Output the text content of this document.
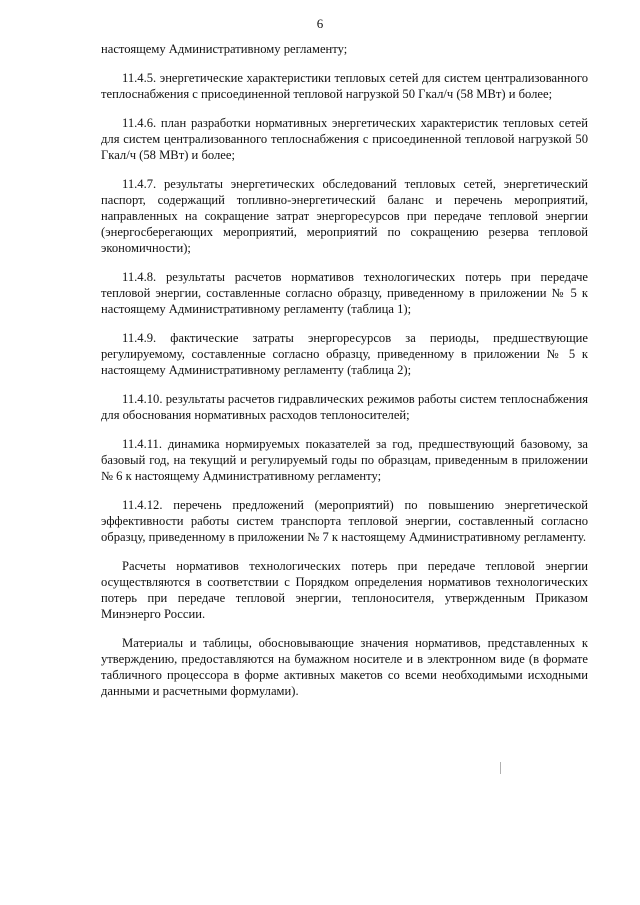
6

настоящему Административному регламенту;

11.4.5. энергетические характеристики тепловых сетей для систем централизованного теплоснабжения с присоединенной тепловой нагрузкой 50 Гкал/ч (58 МВт) и более;

11.4.6. план разработки нормативных энергетических характеристик тепловых сетей для систем централизованного теплоснабжения с присоединенной тепловой нагрузкой 50 Гкал/ч (58 МВт) и более;

11.4.7. результаты энергетических обследований тепловых сетей, энергетический паспорт, содержащий топливно-энергетический баланс и перечень мероприятий, направленных на сокращение затрат энергоресурсов при передаче тепловой энергии (энергосберегающих мероприятий, мероприятий по сокращению резерва тепловой экономичности);

11.4.8. результаты расчетов нормативов технологических потерь при передаче тепловой энергии, составленные согласно образцу, приведенному в приложении № 5 к настоящему Административному регламенту (таблица 1);

11.4.9. фактические затраты энергоресурсов за периоды, предшествующие регулируемому, составленные согласно образцу, приведенному в приложении № 5 к настоящему Административному регламенту (таблица 2);

11.4.10. результаты расчетов гидравлических режимов работы систем теплоснабжения для обоснования нормативных расходов теплоносителей;

11.4.11. динамика нормируемых показателей за год, предшествующий базовому, за базовый год, на текущий и регулируемый годы по образцам, приведенным в приложении № 6 к настоящему Административному регламенту;

11.4.12. перечень предложений (мероприятий) по повышению энергетической эффективности работы систем транспорта тепловой энергии, составленный согласно образцу, приведенному в приложении № 7 к настоящему Административному регламенту.

Расчеты нормативов технологических потерь при передаче тепловой энергии осуществляются в соответствии с Порядком определения нормативов технологических потерь при передаче тепловой энергии, теплоносителя, утвержденным Приказом Минэнерго России.

Материалы и таблицы, обосновывающие значения нормативов, представленных к утверждению, предоставляются на бумажном носителе и в электронном виде (в формате табличного процессора в форме активных макетов со всеми необходимыми исходными данными и расчетными формулами).
